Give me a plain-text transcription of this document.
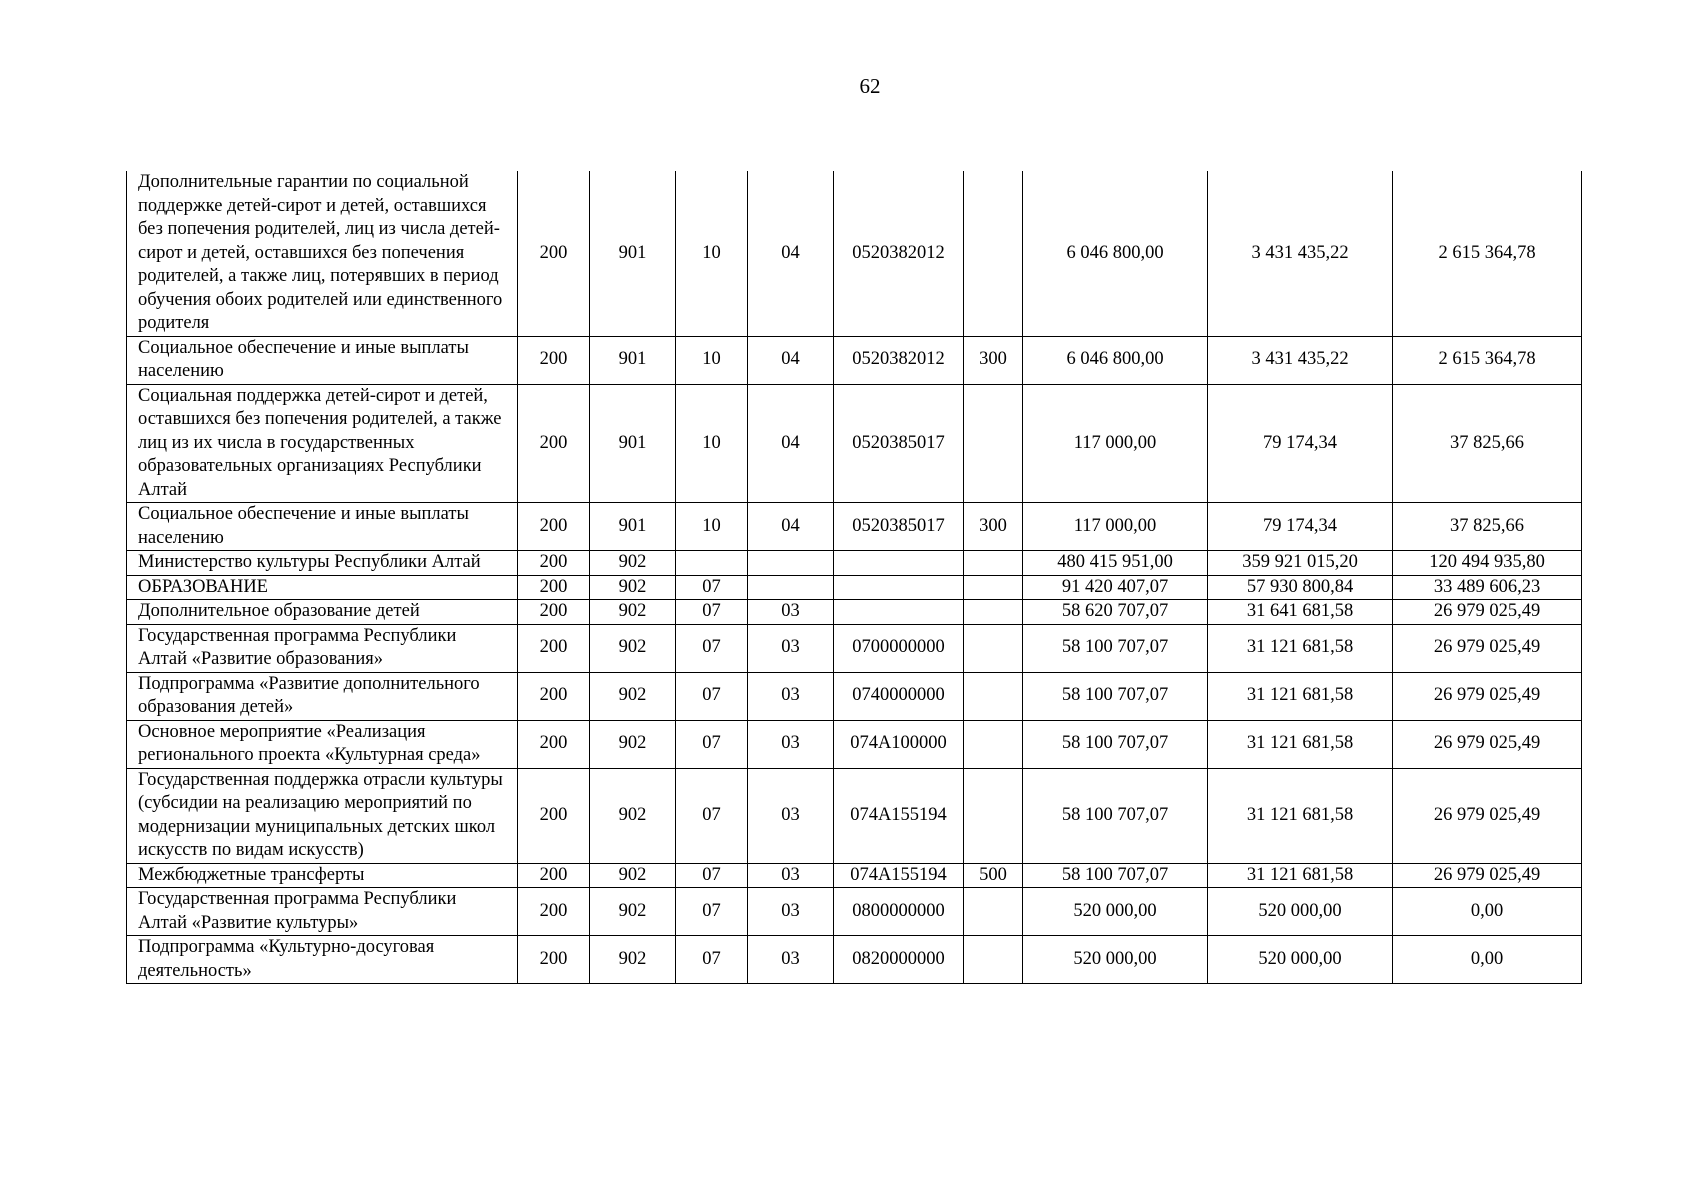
62
Дополнительные гарантии по социальной поддержке детей-сирот и детей, оставшихся без попечения родителей, лиц из числа детей-сирот и детей, оставшихся без попечения родителей, а также лиц, потерявших в период обучения обоих родителей или единственного родителя	200	901	10	04	0520382012		6 046 800,00	3 431 435,22	2 615 364,78
Социальное обеспечение и иные выплаты населению	200	901	10	04	0520382012	300	6 046 800,00	3 431 435,22	2 615 364,78
Социальная поддержка детей-сирот и детей, оставшихся без попечения родителей, а также лиц из их числа в государственных образовательных организациях Республики Алтай	200	901	10	04	0520385017		117 000,00	79 174,34	37 825,66
Социальное обеспечение и иные выплаты населению	200	901	10	04	0520385017	300	117 000,00	79 174,34	37 825,66
Министерство культуры Республики Алтай	200	902					480 415 951,00	359 921 015,20	120 494 935,80
ОБРАЗОВАНИЕ	200	902	07				91 420 407,07	57 930 800,84	33 489 606,23
Дополнительное образование детей	200	902	07	03			58 620 707,07	31 641 681,58	26 979 025,49
Государственная программа Республики Алтай «Развитие образования»	200	902	07	03	0700000000		58 100 707,07	31 121 681,58	26 979 025,49
Подпрограмма «Развитие дополнительного образования детей»	200	902	07	03	0740000000		58 100 707,07	31 121 681,58	26 979 025,49
Основное мероприятие «Реализация регионального проекта «Культурная среда»	200	902	07	03	074A100000		58 100 707,07	31 121 681,58	26 979 025,49
Государственная поддержка отрасли культуры (субсидии на реализацию мероприятий по модернизации муниципальных детских школ искусств по видам искусств)	200	902	07	03	074A155194		58 100 707,07	31 121 681,58	26 979 025,49
Межбюджетные трансферты	200	902	07	03	074A155194	500	58 100 707,07	31 121 681,58	26 979 025,49
Государственная программа Республики Алтай «Развитие культуры»	200	902	07	03	0800000000		520 000,00	520 000,00	0,00
Подпрограмма «Культурно-досуговая деятельность»	200	902	07	03	0820000000		520 000,00	520 000,00	0,00
